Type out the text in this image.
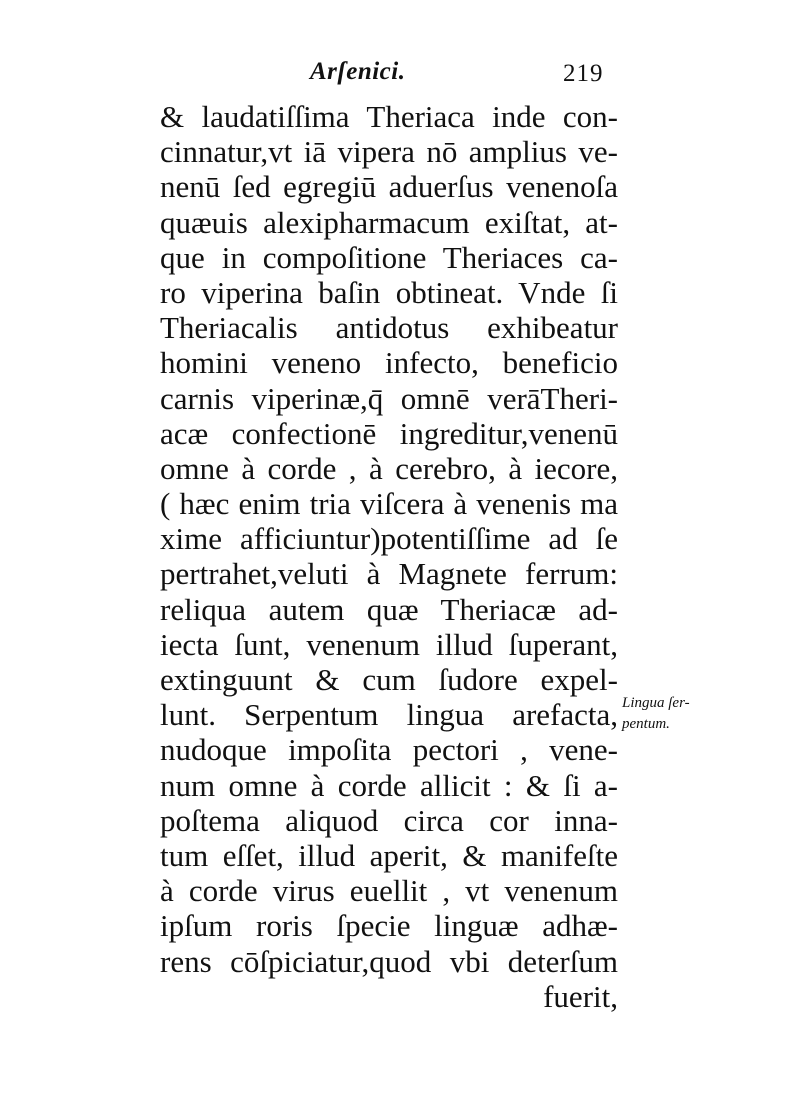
Arſenici.	219
& laudatiſſima Theriaca inde con-
cinnatur,vt iā vipera nō amplius ve-
nenū ſed egregiū aduerſus venenoſa
quæuis alexipharmacum exiſtat, at-
que in compoſitione Theriaces ca-
ro viperina baſin obtineat. Vnde ſi
Theriacalis antidotus exhibeatur
homini veneno infecto, beneficio
carnis viperinæ,q̄ omnē verāTheri-
acæ confectionē ingreditur,venenū
omne à corde , à cerebro, à iecore,
( hæc enim tria viſcera à venenis ma
xime afficiuntur)potentiſſime ad ſe
pertrahet,veluti à Magnete ferrum:
reliqua autem quæ Theriacæ ad-
iecta ſunt, venenum illud ſuperant,
extinguunt & cum ſudore expel-
lunt. Serpentum lingua arefacta,
nudoque impoſita pectori , vene-
num omne à corde allicit : & ſi a-
poſtema aliquod circa cor inna-
tum eſſet, illud aperit, & manifeſte
à corde virus euellit , vt venenum
ipſum roris ſpecie linguæ adhæ-
rens cōſpiciatur,quod vbi deterſum
fuerit,
Lingua ſer-
pentum.
